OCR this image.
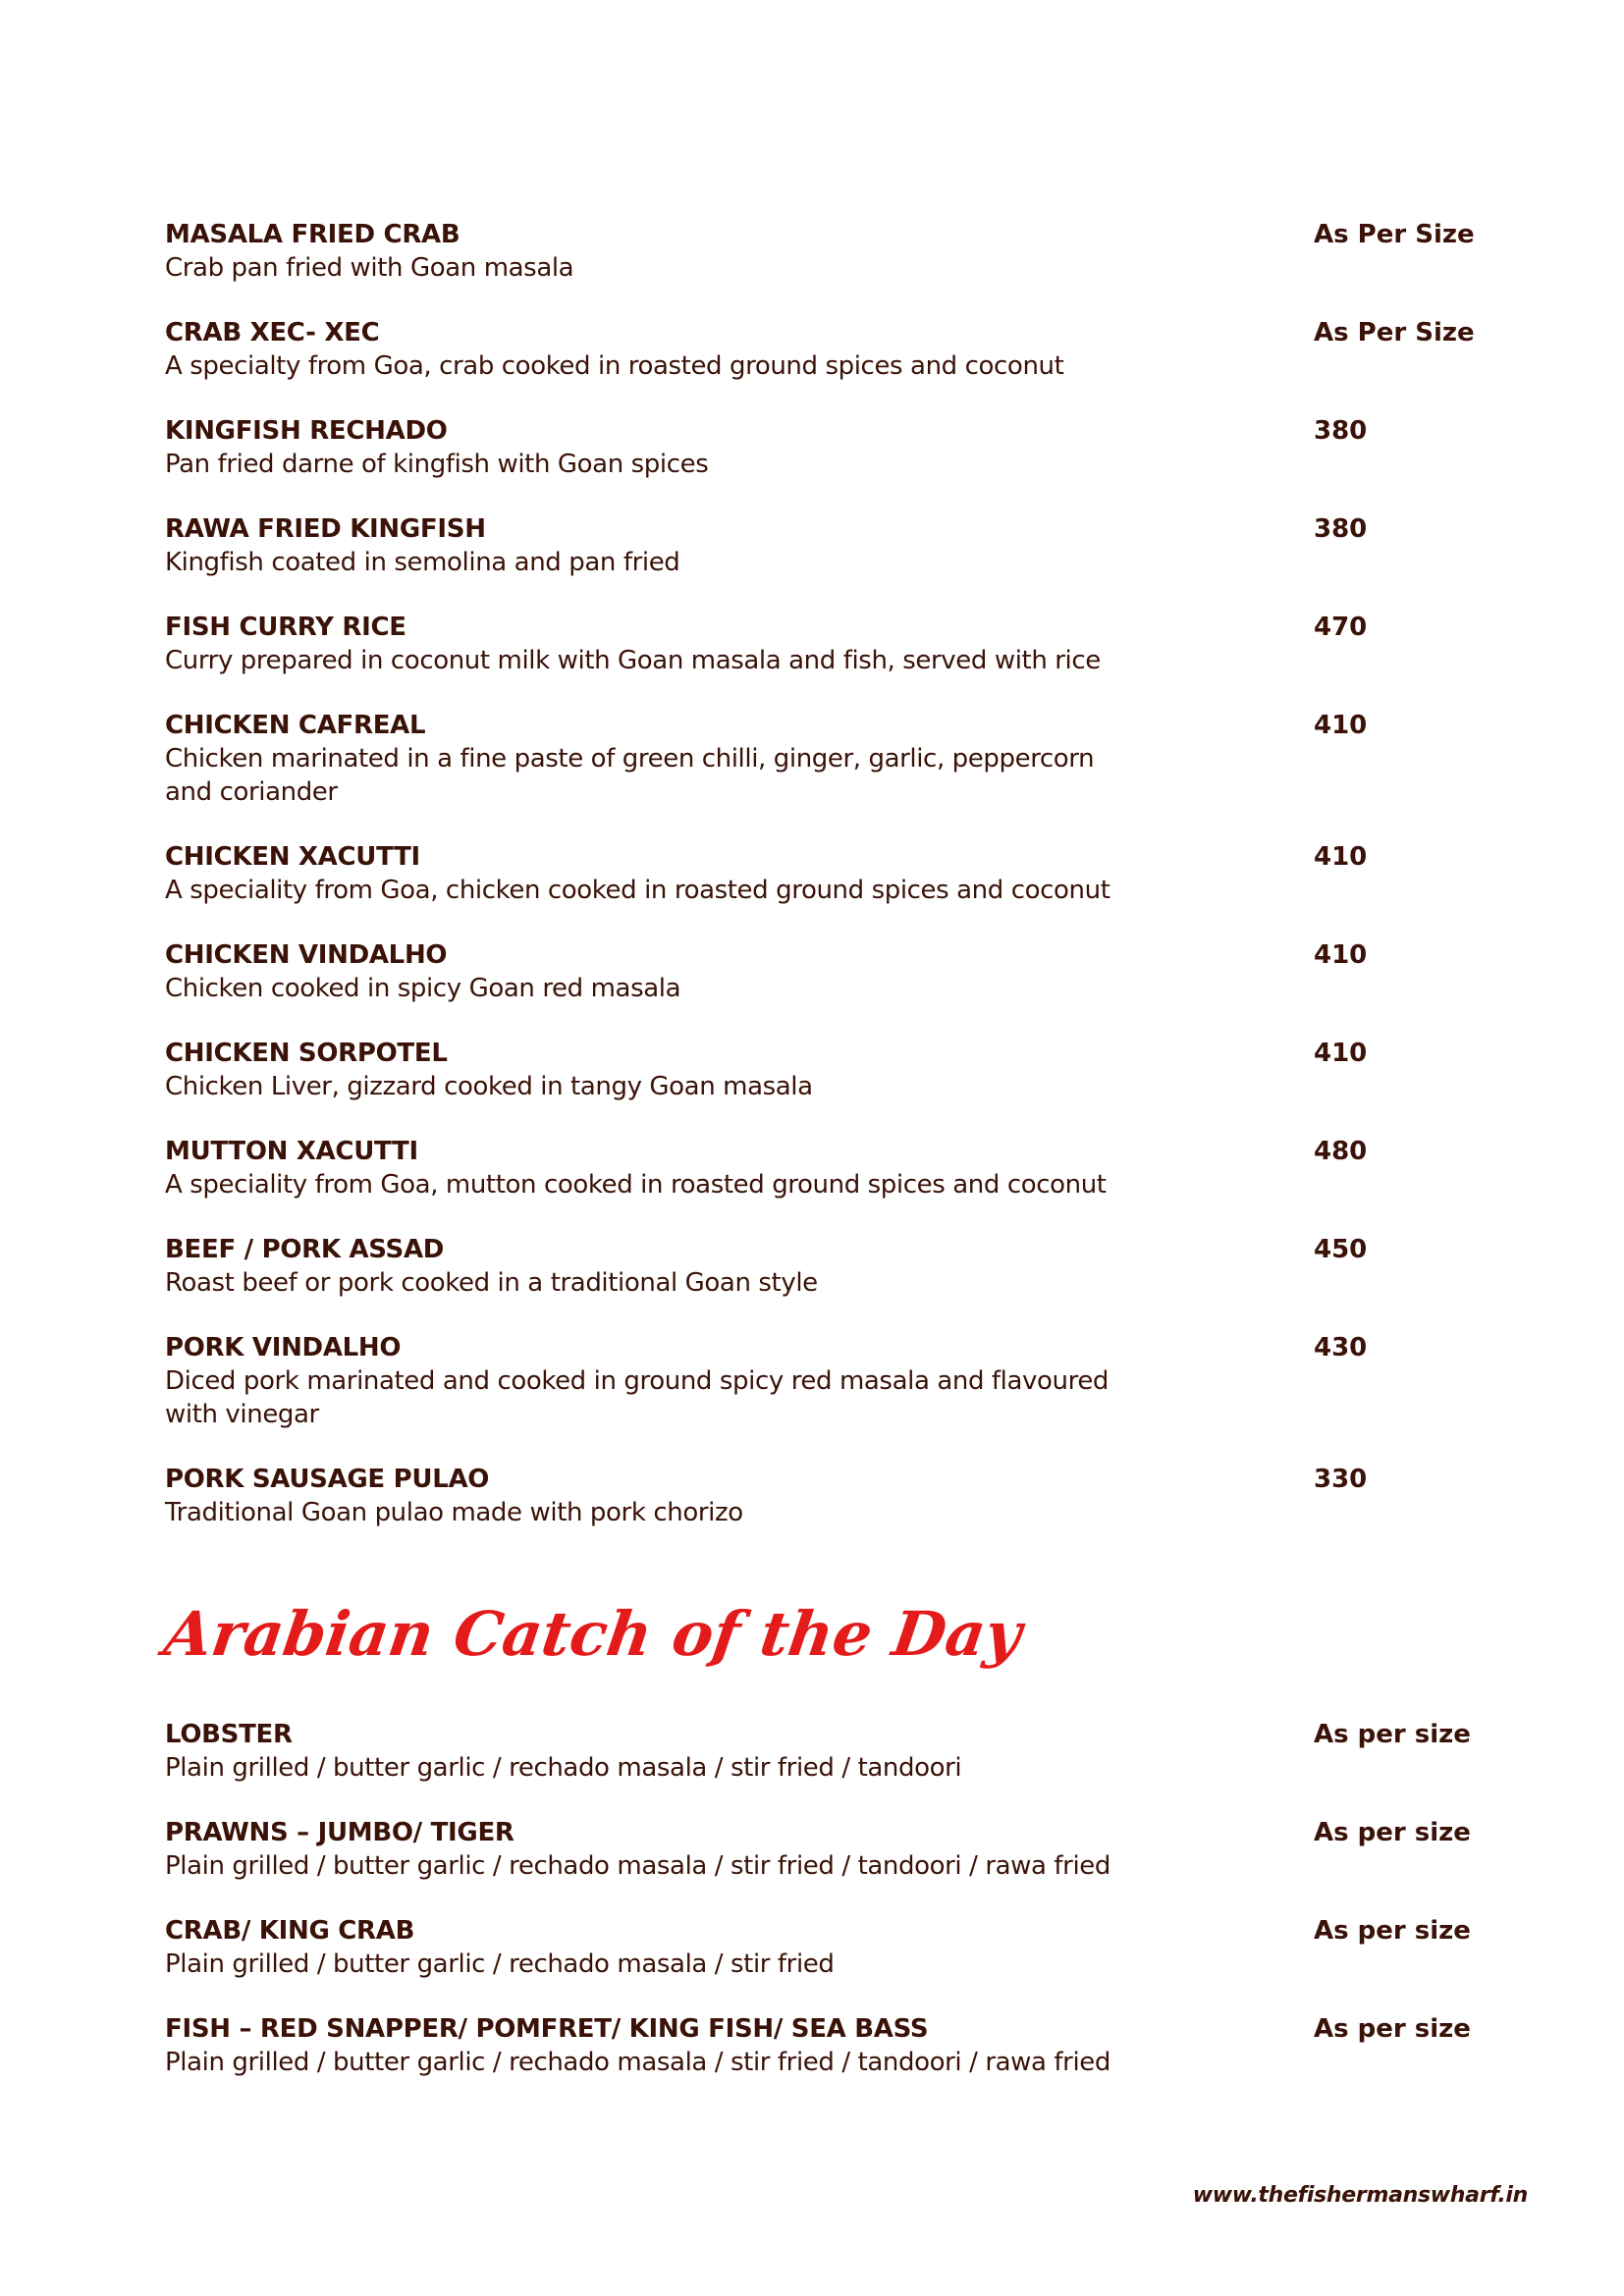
MASALA FRIED CRAB
Crab pan fried with Goan masala
As Per Size
CRAB XEC- XEC
A specialty from Goa, crab cooked in roasted ground spices and coconut
As Per Size
KINGFISH RECHADO
Pan fried darne of kingfish with Goan spices
380
RAWA FRIED KINGFISH
Kingfish coated in semolina and pan fried
380
FISH CURRY RICE
Curry prepared in coconut milk with Goan masala and fish, served with rice
470
CHICKEN CAFREAL
Chicken marinated in a fine paste of green chilli, ginger, garlic, peppercorn and coriander
410
CHICKEN XACUTTI
A speciality from Goa, chicken cooked in roasted ground spices and coconut
410
CHICKEN VINDALHO
Chicken cooked in spicy Goan red masala
410
CHICKEN SORPOTEL
Chicken Liver, gizzard cooked in tangy Goan masala
410
MUTTON XACUTTI
A speciality from Goa, mutton cooked in roasted ground spices and coconut
480
BEEF / PORK ASSAD
Roast beef or pork cooked in a traditional Goan style
450
PORK VINDALHO
Diced pork marinated and cooked in ground spicy red masala and flavoured with vinegar
430
PORK SAUSAGE PULAO
Traditional Goan pulao made with pork chorizo
330
Arabian Catch of the Day
LOBSTER
Plain grilled / butter garlic / rechado masala / stir fried / tandoori
As per size
PRAWNS – JUMBO/ TIGER
Plain grilled / butter garlic / rechado masala / stir fried / tandoori / rawa fried
As per size
CRAB/ KING CRAB
Plain grilled / butter garlic / rechado masala / stir fried
As per size
FISH – RED SNAPPER/ POMFRET/ KING FISH/ SEA BASS
Plain grilled / butter garlic / rechado masala / stir fried / tandoori / rawa fried
As per size
www.thefishermanswharf.in
